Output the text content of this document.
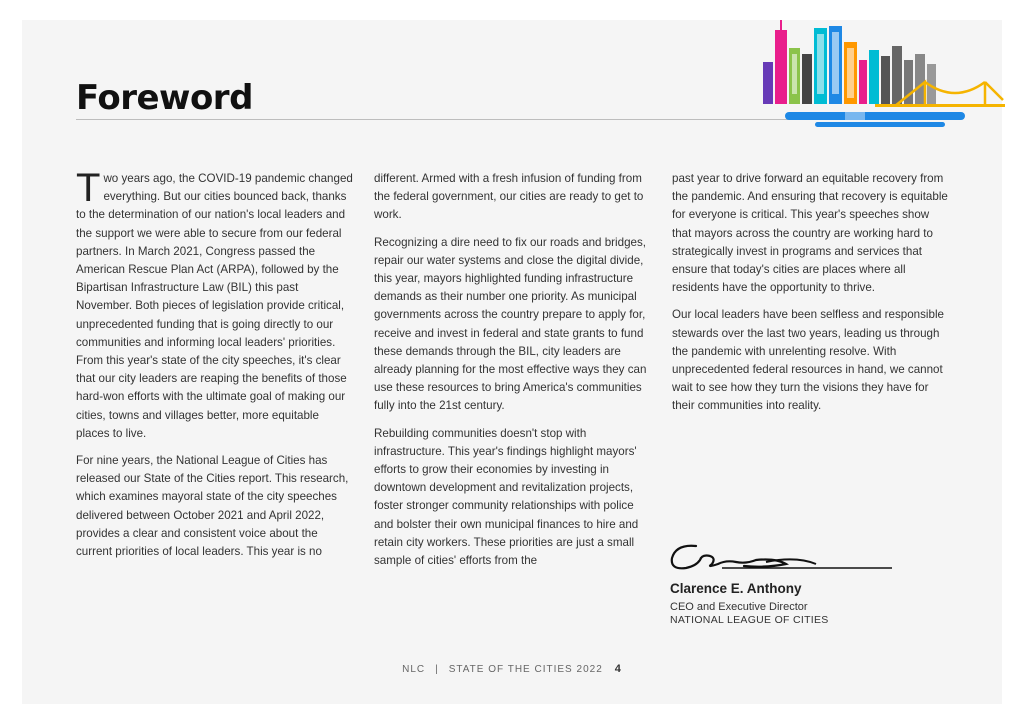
Foreword

Two years ago, the COVID-19 pandemic changed everything. But our cities bounced back, thanks to the determination of our nation's local leaders and the support we were able to secure from our federal partners. In March 2021, Congress passed the American Rescue Plan Act (ARPA), followed by the Bipartisan Infrastructure Law (BIL) this past November. Both pieces of legislation provide critical, unprecedented funding that is going directly to our communities and informing local leaders' priorities. From this year's state of the city speeches, it's clear that our city leaders are reaping the benefits of those hard-won efforts with the ultimate goal of making our cities, towns and villages better, more equitable places to live.

For nine years, the National League of Cities has released our State of the Cities report. This research, which examines mayoral state of the city speeches delivered between October 2021 and April 2022, provides a clear and consistent voice about the current priorities of local leaders. This year is no

different. Armed with a fresh infusion of funding from the federal government, our cities are ready to get to work.

Recognizing a dire need to fix our roads and bridges, repair our water systems and close the digital divide, this year, mayors highlighted funding infrastructure demands as their number one priority. As municipal governments across the country prepare to apply for, receive and invest in federal and state grants to fund these demands through the BIL, city leaders are already planning for the most effective ways they can use these resources to bring America's communities fully into the 21st century.

Rebuilding communities doesn't stop with infrastructure. This year's findings highlight mayors' efforts to grow their economies by investing in downtown development and revitalization projects, foster stronger community relationships with police and bolster their own municipal finances to hire and retain city workers. These priorities are just a small sample of cities' efforts from the

past year to drive forward an equitable recovery from the pandemic. And ensuring that recovery is equitable for everyone is critical. This year's speeches show that mayors across the country are working hard to strategically invest in programs and services that ensure that today's cities are places where all residents have the opportunity to thrive.

Our local leaders have been selfless and responsible stewards over the last two years, leading us through the pandemic with unrelenting resolve. With unprecedented federal resources in hand, we cannot wait to see how they turn the visions they have for their communities into reality.

Clarence E. Anthony
CEO and Executive Director
NATIONAL LEAGUE OF CITIES
NLC | STATE OF THE CITIES 2022 4
